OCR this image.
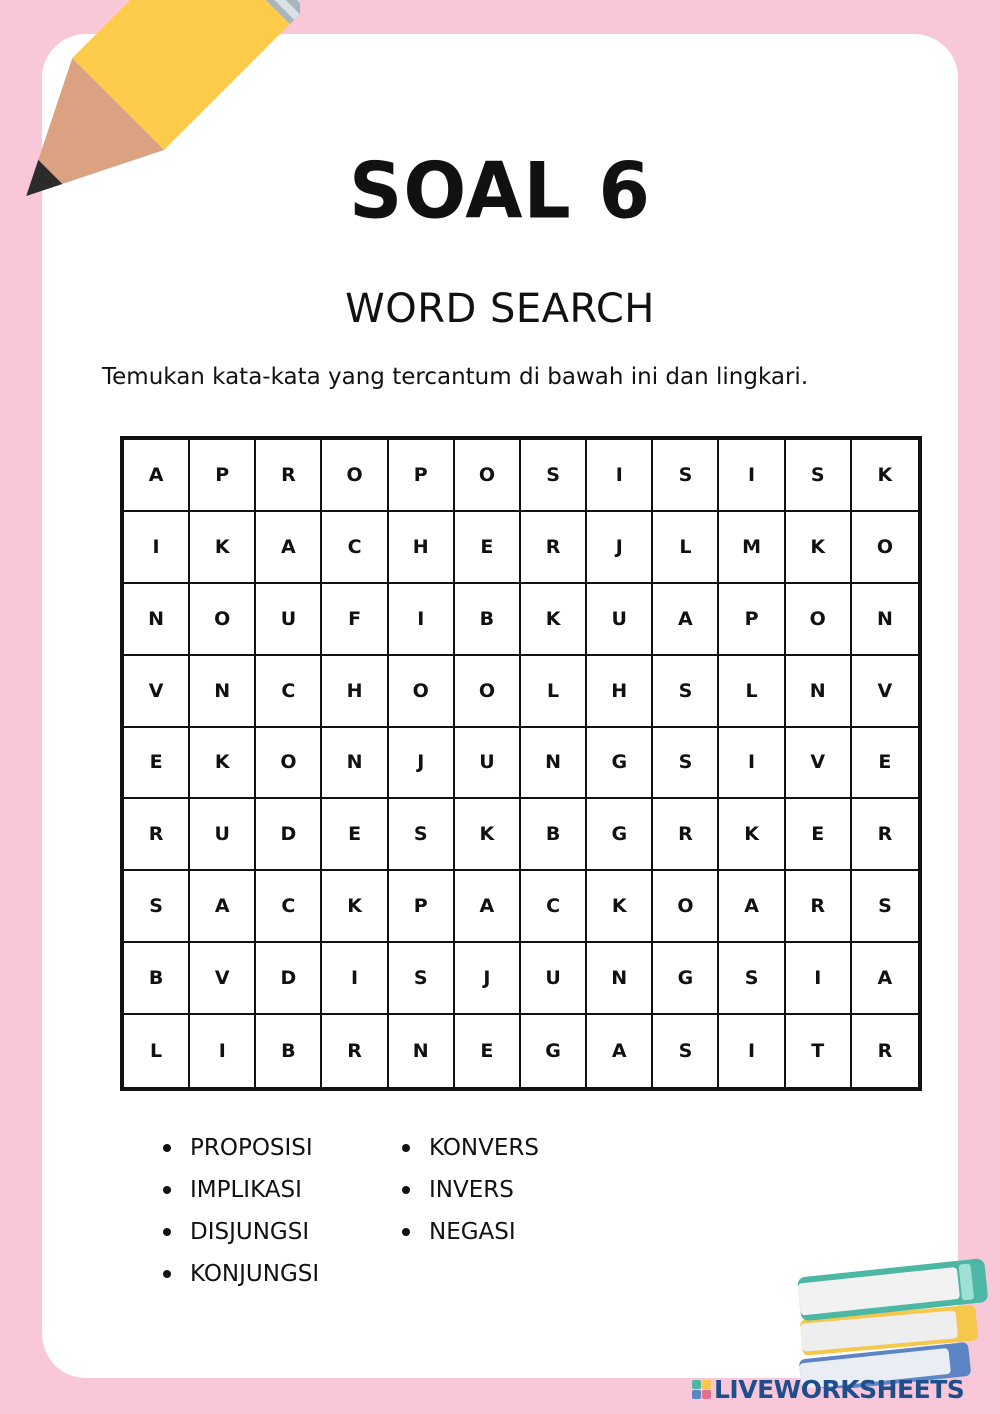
SOAL 6
WORD SEARCH
Temukan kata-kata yang tercantum di bawah ini dan lingkari.
A	P	R	O	P	O	S	I	S	I	S	K
I	K	A	C	H	E	R	J	L	M	K	O
N	O	U	F	I	B	K	U	A	P	O	N
V	N	C	H	O	O	L	H	S	L	N	V
E	K	O	N	J	U	N	G	S	I	V	E
R	U	D	E	S	K	B	G	R	K	E	R
S	A	C	K	P	A	C	K	O	A	R	S
B	V	D	I	S	J	U	N	G	S	I	A
L	I	B	R	N	E	G	A	S	I	T	R
PROPOSISI
IMPLIKASI
DISJUNGSI
KONJUNGSI
KONVERS
INVERS
NEGASI
LIVEWORKSHEETS
